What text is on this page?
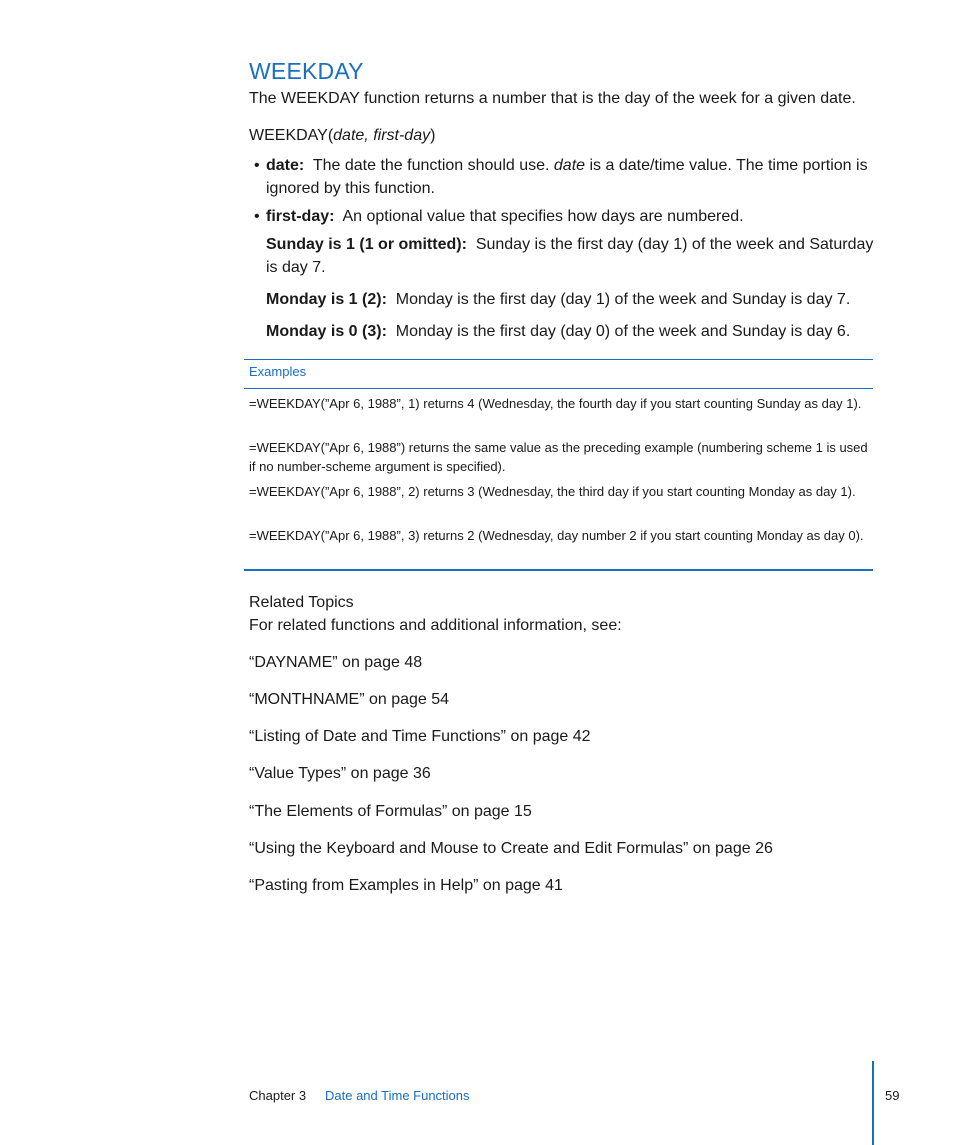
WEEKDAY
The WEEKDAY function returns a number that is the day of the week for a given date.
WEEKDAY(date, first-day)
• date: The date the function should use. date is a date/time value. The time portion is ignored by this function.
• first-day: An optional value that specifies how days are numbered.
Sunday is 1 (1 or omitted): Sunday is the first day (day 1) of the week and Saturday is day 7.
Monday is 1 (2): Monday is the first day (day 1) of the week and Sunday is day 7.
Monday is 0 (3): Monday is the first day (day 0) of the week and Sunday is day 6.
Examples
=WEEKDAY(”Apr 6, 1988”, 1) returns 4 (Wednesday, the fourth day if you start counting Sunday as day 1).
=WEEKDAY(”Apr 6, 1988”) returns the same value as the preceding example (numbering scheme 1 is used if no number-scheme argument is specified).
=WEEKDAY(”Apr 6, 1988”, 2) returns 3 (Wednesday, the third day if you start counting Monday as day 1).
=WEEKDAY(”Apr 6, 1988”, 3) returns 2 (Wednesday, day number 2 if you start counting Monday as day 0).
Related Topics
For related functions and additional information, see:
“DAYNAME” on page 48
“MONTHNAME” on page 54
“Listing of Date and Time Functions” on page 42
“Value Types” on page 36
“The Elements of Formulas” on page 15
“Using the Keyboard and Mouse to Create and Edit Formulas” on page 26
“Pasting from Examples in Help” on page 41
Chapter 3 Date and Time Functions	59
